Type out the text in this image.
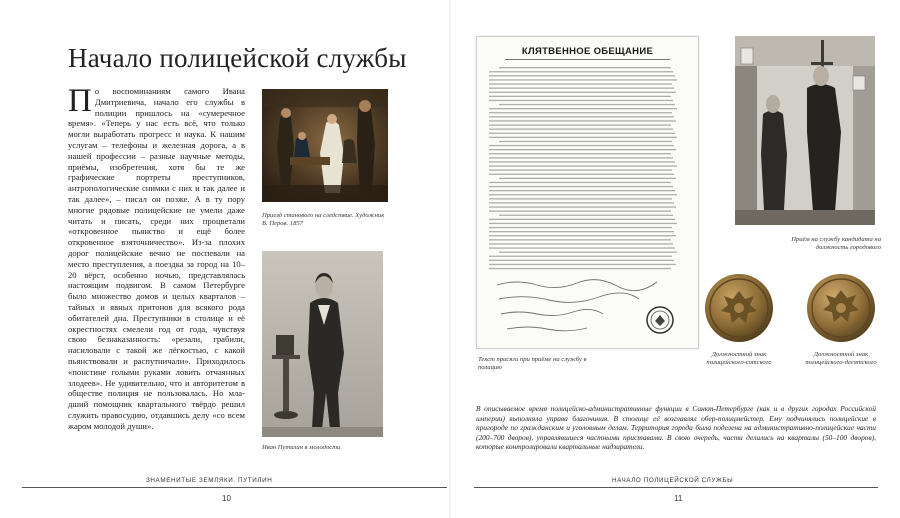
Начало полицейской службы
П о воспоминаниям самого Ивана Дмитриевича, начало его службы в полиции пришлось на «сумеречное время». «Теперь у нас есть всё, что только могли выработать прогресс и наука. К нашим услугам – телефоны и железная дорога, а в нашей профессии – разные научные методы, приёмы, изобретения, хотя бы те же графические портреты преступников, антропологические снимки с них и так далее и так далее», – писал он позже. А в ту пору многие рядовые полицейские не умели даже читать и писать, среди них процветали «откровенное пьянство и ещё более откровенное взяточничество». Из-за плохих дорог полицейские вечно не поспевали на место преступления, а поездка за город на 10–20 вёрст, особенно ночью, представлялась настоящим подвигом. В самом Петербурге было множество домов и целых кварталов – тайных и явных притонов для всякого рода обитателей дна. Преступники в столице и её окрестностях смелели год от года, чувствуя свою безнаказанность: «резали, грабили, насиловали с такой же лёгкостью, с какой пьянствовали и распутничали». Приходилось «понстине голыми руками ловить отчаянных злодеев». Не удивительно, что и авторитетом в обществе полиция не пользовалась. Но младший помощник квартального твёрдо решил служить правосудию, отдавшись делу «со всем жаром молодой души».
Приезд станового на следствие. Художник В. Перов. 1857
Иван Путилин в молодости
ЗНАМЕНИТЫЕ ЗЕМЛЯКИ. ПУТИЛИН
10
КЛЯТВЕННОЕ ОБЕЩАНИЕ
Текст присяги при приёме на службу в полицию
Приём на службу кандидата на должность городового
Должностной знак полицейского-сотского
Должностной знак полицейского-десятского
В описываемое время полицейско-административные функции в Санкт-Петербурге (как и в других городах Российской империи) выполняла управа благочиния. В столице её возглавлял обер-полицмейстер. Ему подчинялись полицейские в пригороде по гражданским и уголовным делам. Территория города была поделена на административно-полицейские части (200–700 дворов), управлявшиеся частными приставами. В свою очередь, части делились на кварталы (50–100 дворов), которые контролировали квартальные надзиратели.
НАЧАЛО ПОЛИЦЕЙСКОЙ СЛУЖБЫ
11
